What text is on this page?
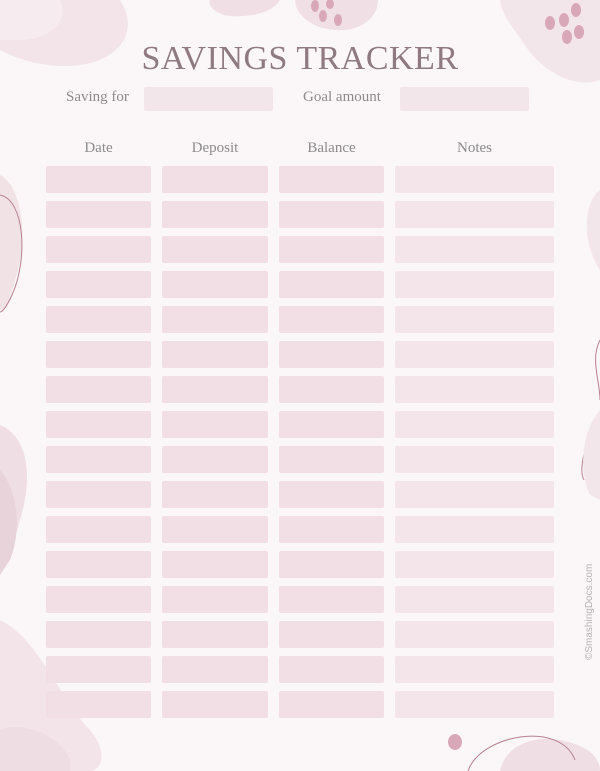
SAVINGS TRACKER
Saving for	Goal amount
Date	Deposit	Balance	Notes
©SmashingDocs.com
